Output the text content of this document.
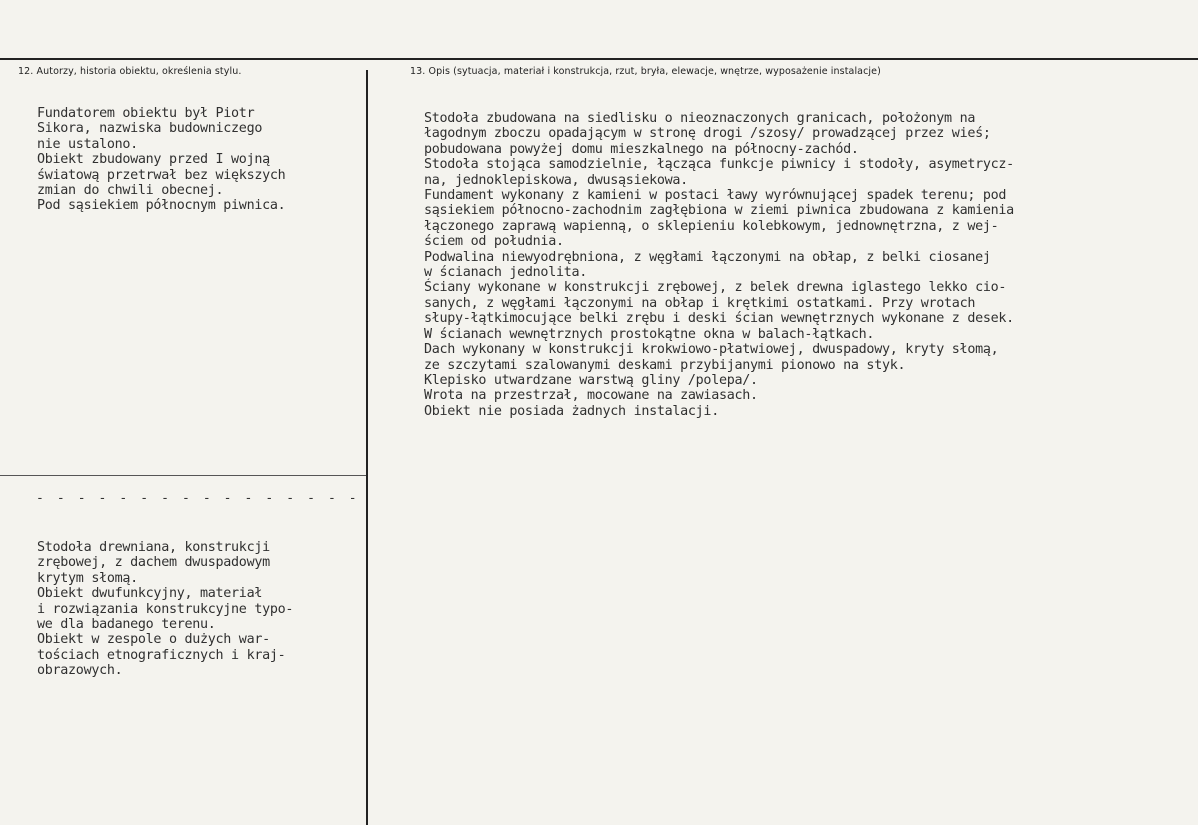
12. Autorzy, historia obiektu, określenia stylu.	13. Opis (sytuacja, materiał i konstrukcja, rzut, bryła, elewacje, wnętrze, wyposażenie instalacje)
Fundatorem obiektu był Piotr
Sikora, nazwiska budowniczego
nie ustalono.
Obiekt zbudowany przed I wojną
światową przetrwał bez większych
zmian do chwili obecnej.
Pod sąsiekiem północnym piwnica.
- - - - - - - - - - - - - - - -
Stodoła drewniana, konstrukcji
zrębowej, z dachem dwuspadowym
krytym słomą.
Obiekt dwufunkcyjny, materiał
i rozwiązania konstrukcyjne typo-
we dla badanego terenu.
Obiekt w zespole o dużych war-
tościach etnograficznych i kraj-
obrazowych.
Stodoła zbudowana na siedlisku o nieoznaczonych granicach, położonym na
łagodnym zboczu opadającym w stronę drogi /szosy/ prowadzącej przez wieś;
pobudowana powyżej domu mieszkalnego na północny-zachód.
Stodoła stojąca samodzielnie, łącząca funkcje piwnicy i stodoły, asymetrycz-
na, jednoklepiskowa, dwusąsiekowa.
Fundament wykonany z kamieni w postaci ławy wyrównującej spadek terenu; pod
sąsiekiem północno-zachodnim zagłębiona w ziemi piwnica zbudowana z kamienia
łączonego zaprawą wapienną, o sklepieniu kolebkowym, jednownętrzna, z wej-
ściem od południa.
Podwalina niewyodrębniona, z węgłami łączonymi na obłap, z belki ciosanej
w ścianach jednolita.
Ściany wykonane w konstrukcji zrębowej, z belek drewna iglastego lekko cio-
sanych, z węgłami łączonymi na obłap i krętkimi ostatkami. Przy wrotach
słupy-łątkimocujące belki zrębu i deski ścian wewnętrznych wykonane z desek.
W ścianach wewnętrznych prostokątne okna w balach-łątkach.
Dach wykonany w konstrukcji krokwiowo-płatwiowej, dwuspadowy, kryty słomą,
ze szczytami szalowanymi deskami przybijanymi pionowo na styk.
Klepisko utwardzane warstwą gliny /polepa/.
Wrota na przestrzał, mocowane na zawiasach.
Obiekt nie posiada żadnych instalacji.
